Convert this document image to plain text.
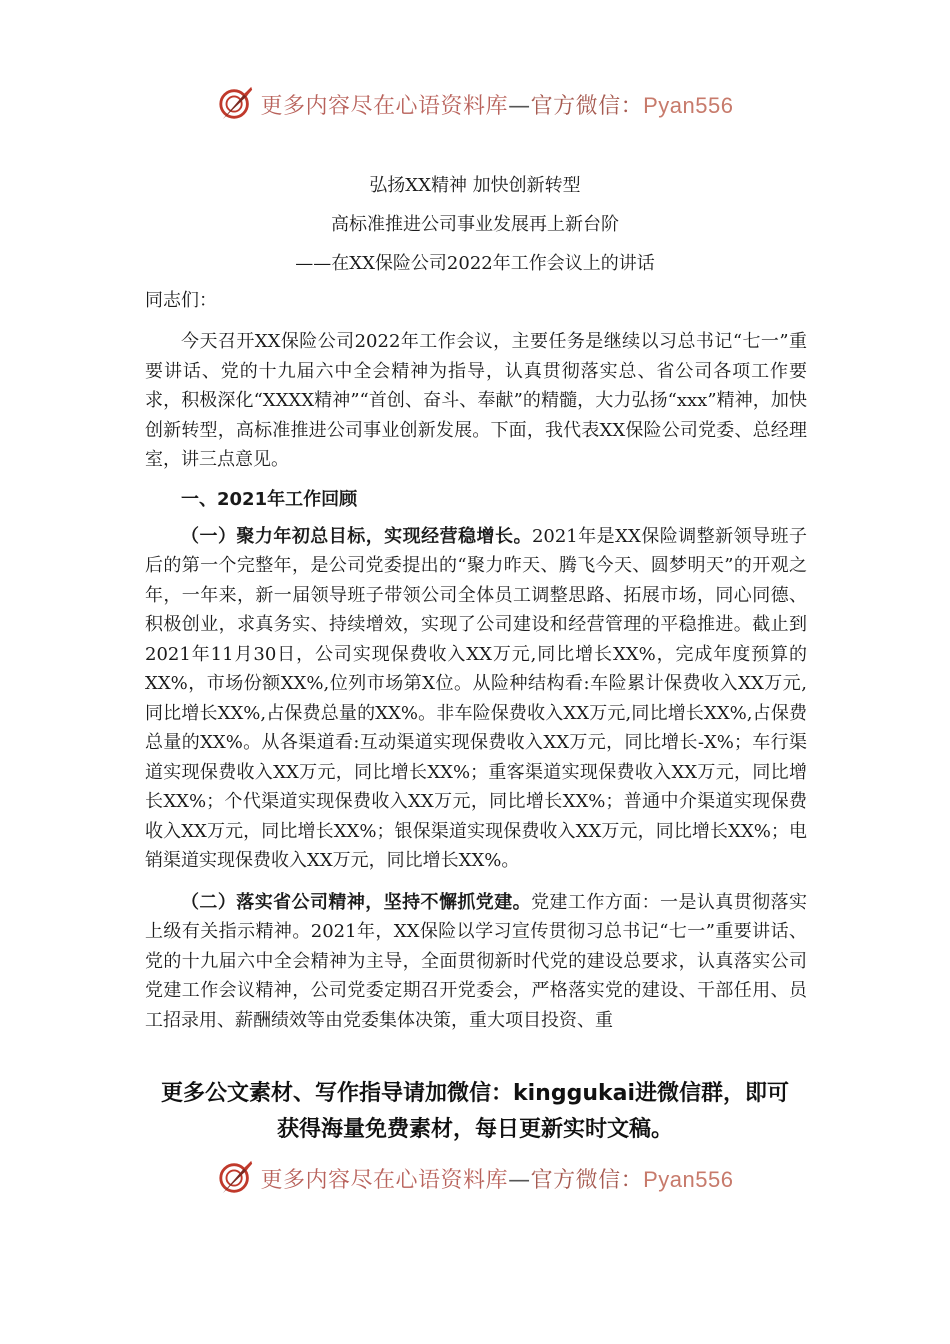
更多内容尽在心语资料库—官方微信：Pyan556
弘扬XX精神 加快创新转型
高标准推进公司事业发展再上新台阶
——在XX保险公司2022年工作会议上的讲话
同志们：

今天召开XX保险公司2022年工作会议，主要任务是继续以习总书记“七一”重要讲话、党的十九届六中全会精神为指导，认真贯彻落实总、省公司各项工作要求，积极深化“XXXX精神”“首创、奋斗、奉献”的精髓，大力弘扬“xxx”精神，加快创新转型，高标准推进公司事业创新发展。下面，我代表XX保险公司党委、总经理室，讲三点意见。

一、2021年工作回顾

（一）聚力年初总目标，实现经营稳增长。2021年是XX保险调整新领导班子后的第一个完整年，是公司党委提出的“聚力昨天、腾飞今天、圆梦明天”的开观之年，一年来，新一届领导班子带领公司全体员工调整思路、拓展市场，同心同德、积极创业，求真务实、持续增效，实现了公司建设和经营管理的平稳推进。截止到2021年11月30日，公司实现保费收入XX万元,同比增长XX%，完成年度预算的XX%，市场份额XX%,位列市场第X位。从险种结构看:车险累计保费收入XX万元,同比增长XX%,占保费总量的XX%。非车险保费收入XX万元,同比增长XX%,占保费总量的XX%。从各渠道看:互动渠道实现保费收入XX万元，同比增长-X%；车行渠道实现保费收入XX万元，同比增长XX%；重客渠道实现保费收入XX万元，同比增长XX%；个代渠道实现保费收入XX万元，同比增长XX%；普通中介渠道实现保费收入XX万元，同比增长XX%；银保渠道实现保费收入XX万元，同比增长XX%；电销渠道实现保费收入XX万元，同比增长XX%。

（二）落实省公司精神，坚持不懈抓党建。党建工作方面：一是认真贯彻落实上级有关指示精神。2021年，XX保险以学习宣传贯彻习总书记“七一”重要讲话、党的十九届六中全会精神为主导，全面贯彻新时代党的建设总要求，认真落实公司党建工作会议精神，公司党委定期召开党委会，严格落实党的建设、干部任用、员工招录用、薪酬绩效等由党委集体决策，重大项目投资、重

更多公文素材、写作指导请加微信：kinggukai进微信群，即可
获得海量免费素材，每日更新实时文稿。
更多内容尽在心语资料库—官方微信：Pyan556
